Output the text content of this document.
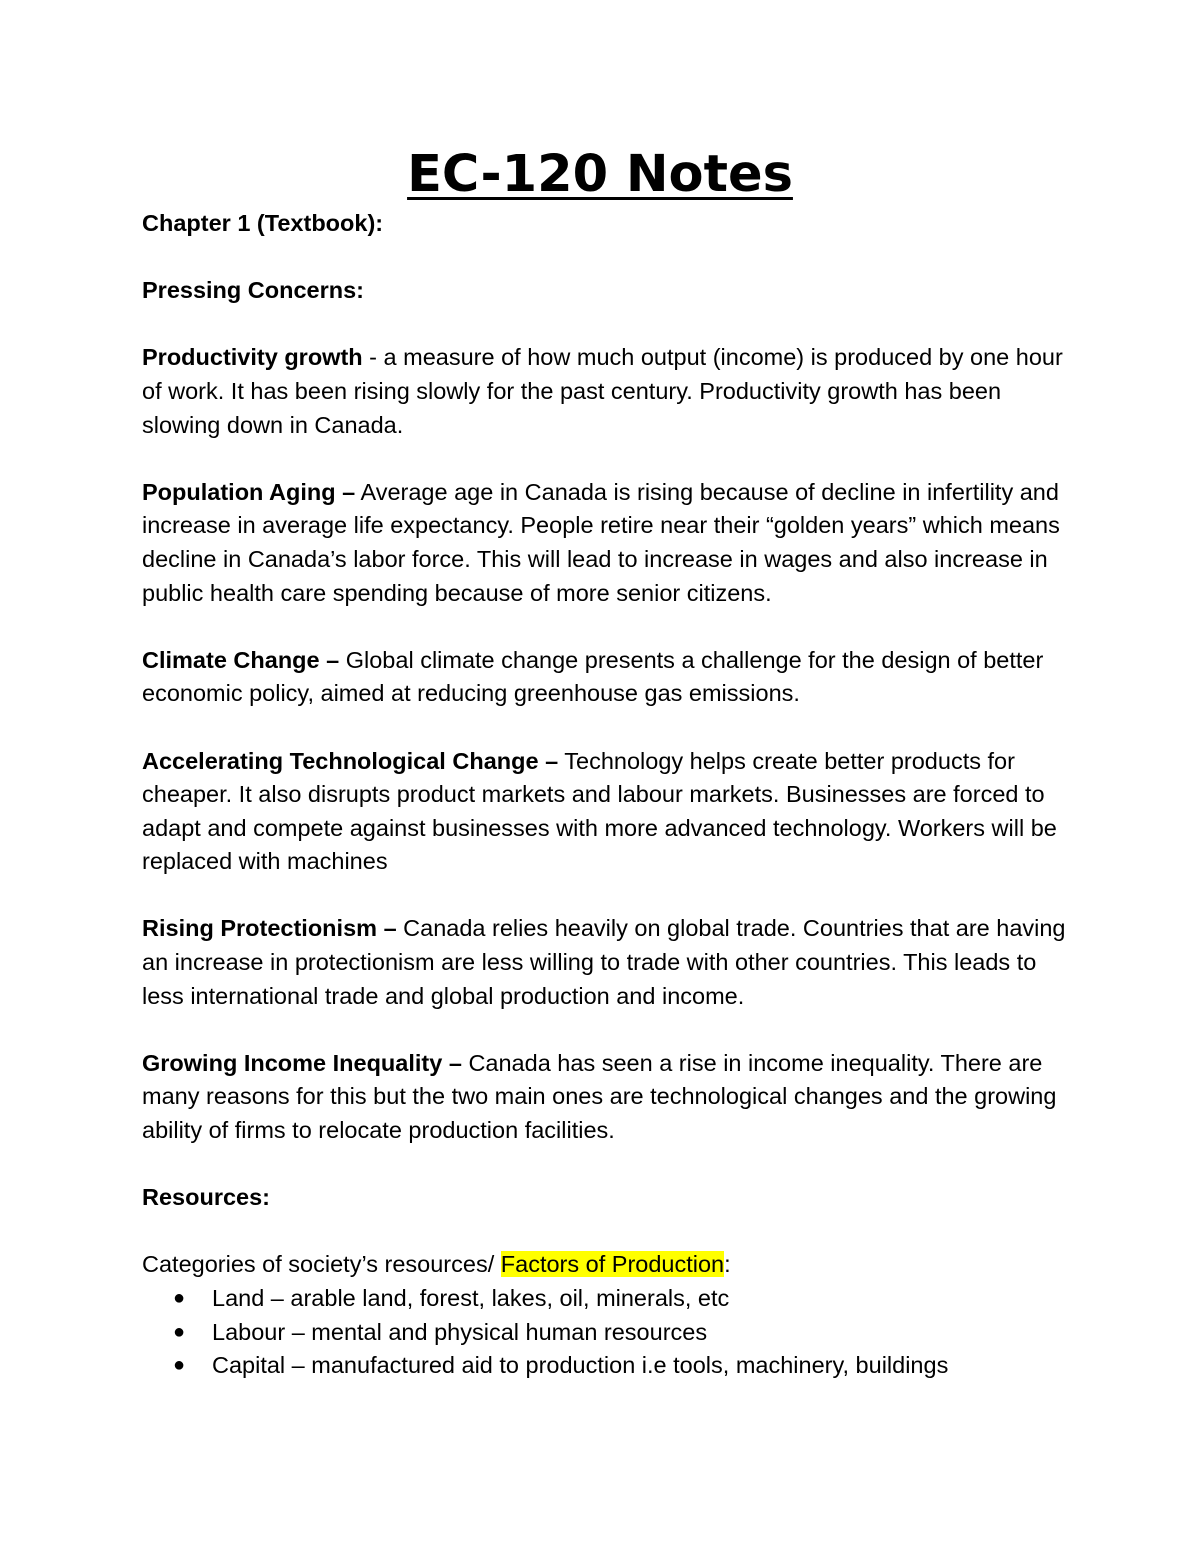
EC-120 Notes

Chapter 1 (Textbook):

Pressing Concerns:

Productivity growth - a measure of how much output (income) is produced by one hour of work. It has been rising slowly for the past century. Productivity growth has been slowing down in Canada.

Population Aging – Average age in Canada is rising because of decline in infertility and increase in average life expectancy. People retire near their “golden years” which means decline in Canada’s labor force. This will lead to increase in wages and also increase in public health care spending because of more senior citizens.

Climate Change – Global climate change presents a challenge for the design of better economic policy, aimed at reducing greenhouse gas emissions.

Accelerating Technological Change – Technology helps create better products for cheaper. It also disrupts product markets and labour markets. Businesses are forced to adapt and compete against businesses with more advanced technology. Workers will be replaced with machines

Rising Protectionism – Canada relies heavily on global trade. Countries that are having an increase in protectionism are less willing to trade with other countries. This leads to less international trade and global production and income.

Growing Income Inequality – Canada has seen a rise in income inequality. There are many reasons for this but the two main ones are technological changes and the growing ability of firms to relocate production facilities.

Resources:

Categories of society’s resources/ Factors of Production:

● Land – arable land, forest, lakes, oil, minerals, etc
● Labour – mental and physical human resources
● Capital – manufactured aid to production i.e tools, machinery, buildings
